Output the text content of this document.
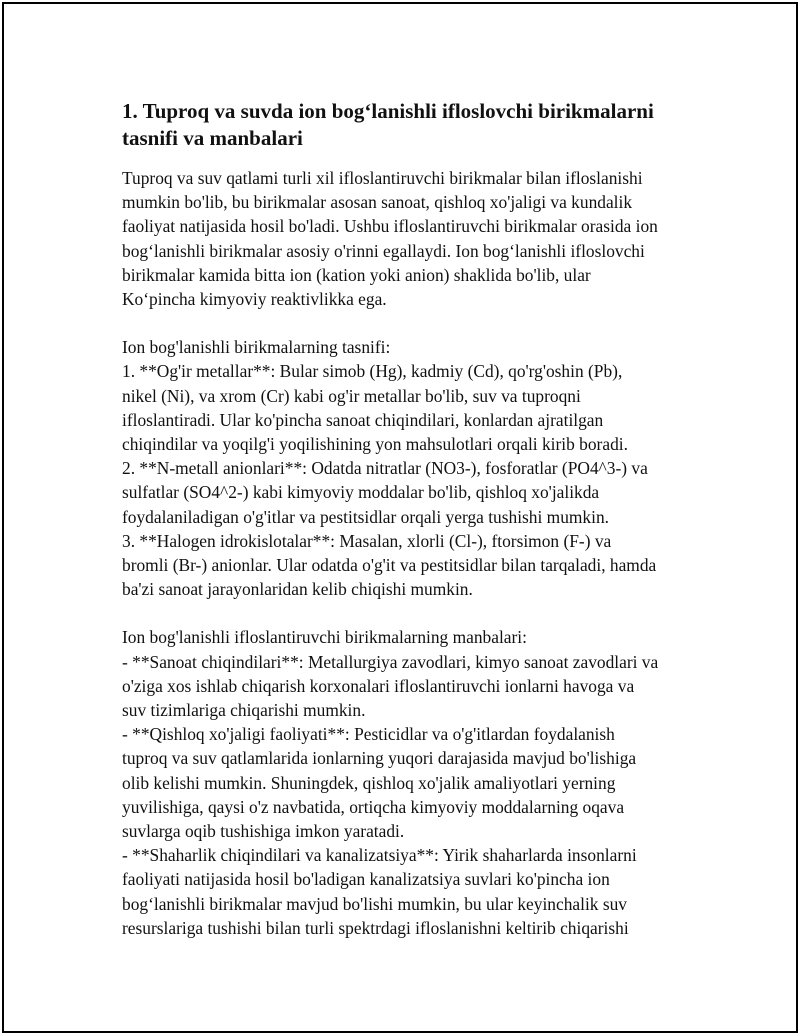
1. Tuproq va suvda ion bog‘lanishli ifloslovchi birikmalarni tasnifi va manbalari
Tuproq va suv qatlami turli xil ifloslantiruvchi birikmalar bilan ifloslanishi
mumkin bo'lib, bu birikmalar asosan sanoat, qishloq xo'jaligi va kundalik
faoliyat natijasida hosil bo'ladi. Ushbu ifloslantiruvchi birikmalar orasida ion
bog‘lanishli birikmalar asosiy o'rinni egallaydi. Ion bog‘lanishli ifloslovchi
birikmalar kamida bitta ion (kation yoki anion) shaklida bo'lib, ular
Ko‘pincha kimyoviy reaktivlikka ega.
Ion bog'lanishli birikmalarning tasnifi:
1. **Og'ir metallar**: Bular simob (Hg), kadmiy (Cd), qo'rg'oshin (Pb),
nikel (Ni), va xrom (Cr) kabi og'ir metallar bo'lib, suv va tuproqni
ifloslantiradi. Ular ko'pincha sanoat chiqindilari, konlardan ajratilgan
chiqindilar va yoqilg'i yoqilishining yon mahsulotlari orqali kirib boradi.
2. **N-metall anionlari**: Odatda nitratlar (NO3-), fosforatlar (PO4^3-) va
sulfatlar (SO4^2-) kabi kimyoviy moddalar bo'lib, qishloq xo'jalikda
foydalaniladigan o'g'itlar va pestitsidlar orqali yerga tushishi mumkin.
3. **Halogen idrokislotalar**: Masalan, xlorli (Cl-), ftorsimon (F-) va
bromli (Br-) anionlar. Ular odatda o'g'it va pestitsidlar bilan tarqaladi, hamda
ba'zi sanoat jarayonlaridan kelib chiqishi mumkin.
Ion bog'lanishli ifloslantiruvchi birikmalarning manbalari:
- **Sanoat chiqindilari**: Metallurgiya zavodlari, kimyo sanoat zavodlari va
o'ziga xos ishlab chiqarish korxonalari ifloslantiruvchi ionlarni havoga va
suv tizimlariga chiqarishi mumkin.
- **Qishloq xo'jaligi faoliyati**: Pesticidlar va o'g'itlardan foydalanish
tuproq va suv qatlamlarida ionlarning yuqori darajasida mavjud bo'lishiga
olib kelishi mumkin. Shuningdek, qishloq xo'jalik amaliyotlari yerning
yuvilishiga, qaysi o'z navbatida, ortiqcha kimyoviy moddalarning oqava
suvlarga oqib tushishiga imkon yaratadi.
- **Shaharlik chiqindilari va kanalizatsiya**: Yirik shaharlarda insonlarni
faoliyati natijasida hosil bo'ladigan kanalizatsiya suvlari ko'pincha ion
bog‘lanishli birikmalar mavjud bo'lishi mumkin, bu ular keyinchalik suv
resurslariga tushishi bilan turli spektrdagi ifloslanishni keltirib chiqarishi
